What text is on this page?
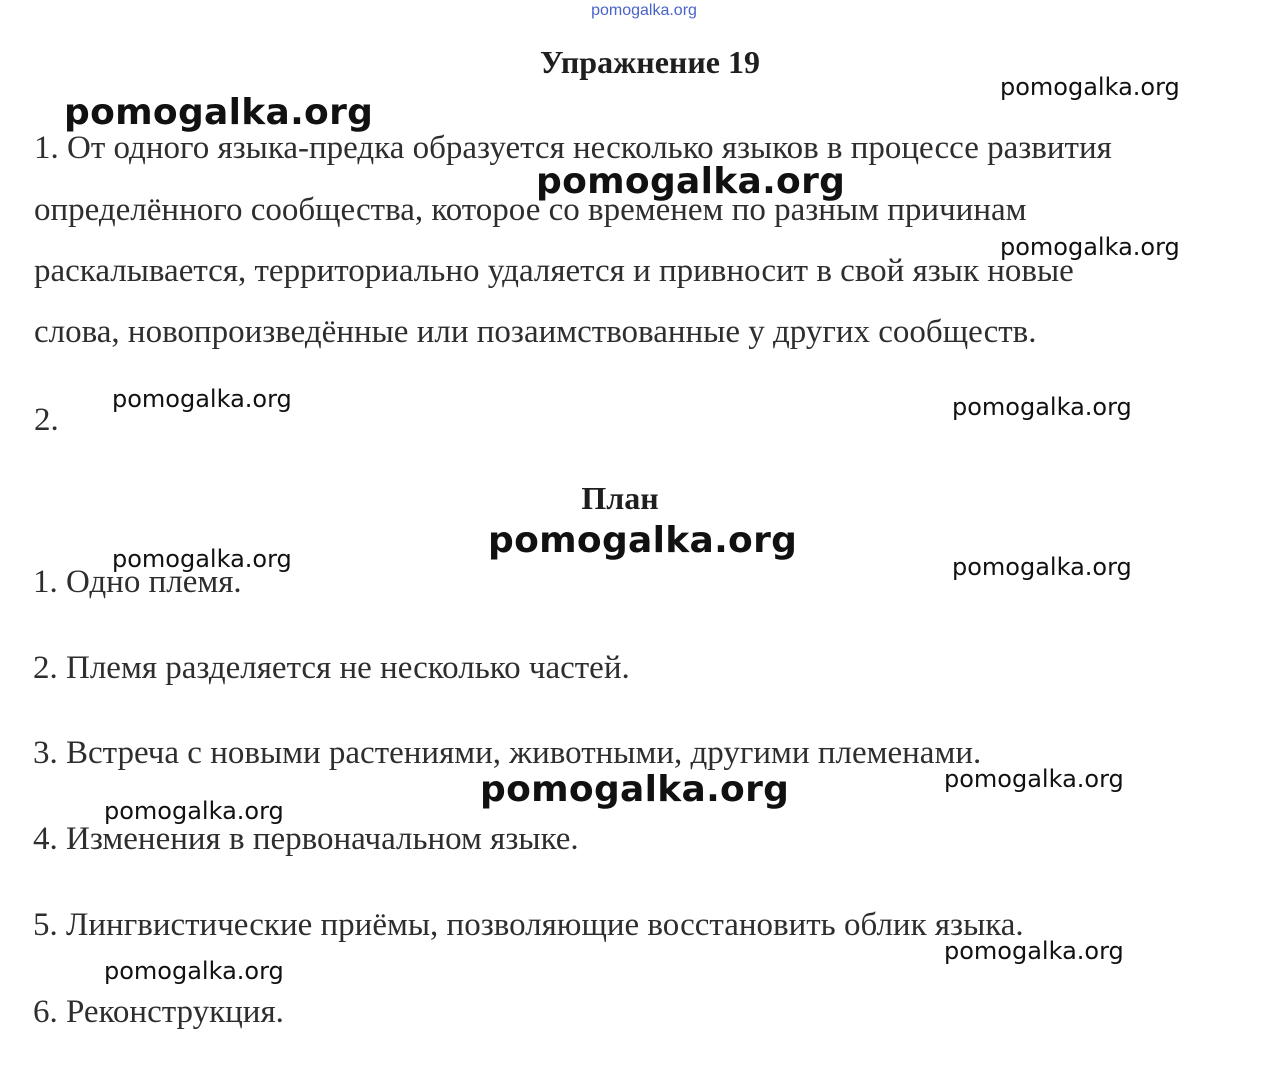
pomogalka.org
Упражнение 19
1. От одного языка-предка образуется несколько языков в процессе развития
определённого сообщества, которое со временем по разным причинам
раскалывается, территориально удаляется и привносит в свой язык новые
слова, новопроизведённые или позаимствованные у других сообществ.
2.
План
1. Одно племя.
2. Племя разделяется не несколько частей.
3. Встреча с новыми растениями, животными, другими племенами.
4. Изменения в первоначальном языке.
5. Лингвистические приёмы, позволяющие восстановить облик языка.
6. Реконструкция.
pomogalka.org
pomogalka.org
pomogalka.org
pomogalka.org
pomogalka.org	pomogalka.org
pomogalka.org
pomogalka.org	pomogalka.org
pomogalka.org
pomogalka.org
pomogalka.org
pomogalka.org
pomogalka.org
